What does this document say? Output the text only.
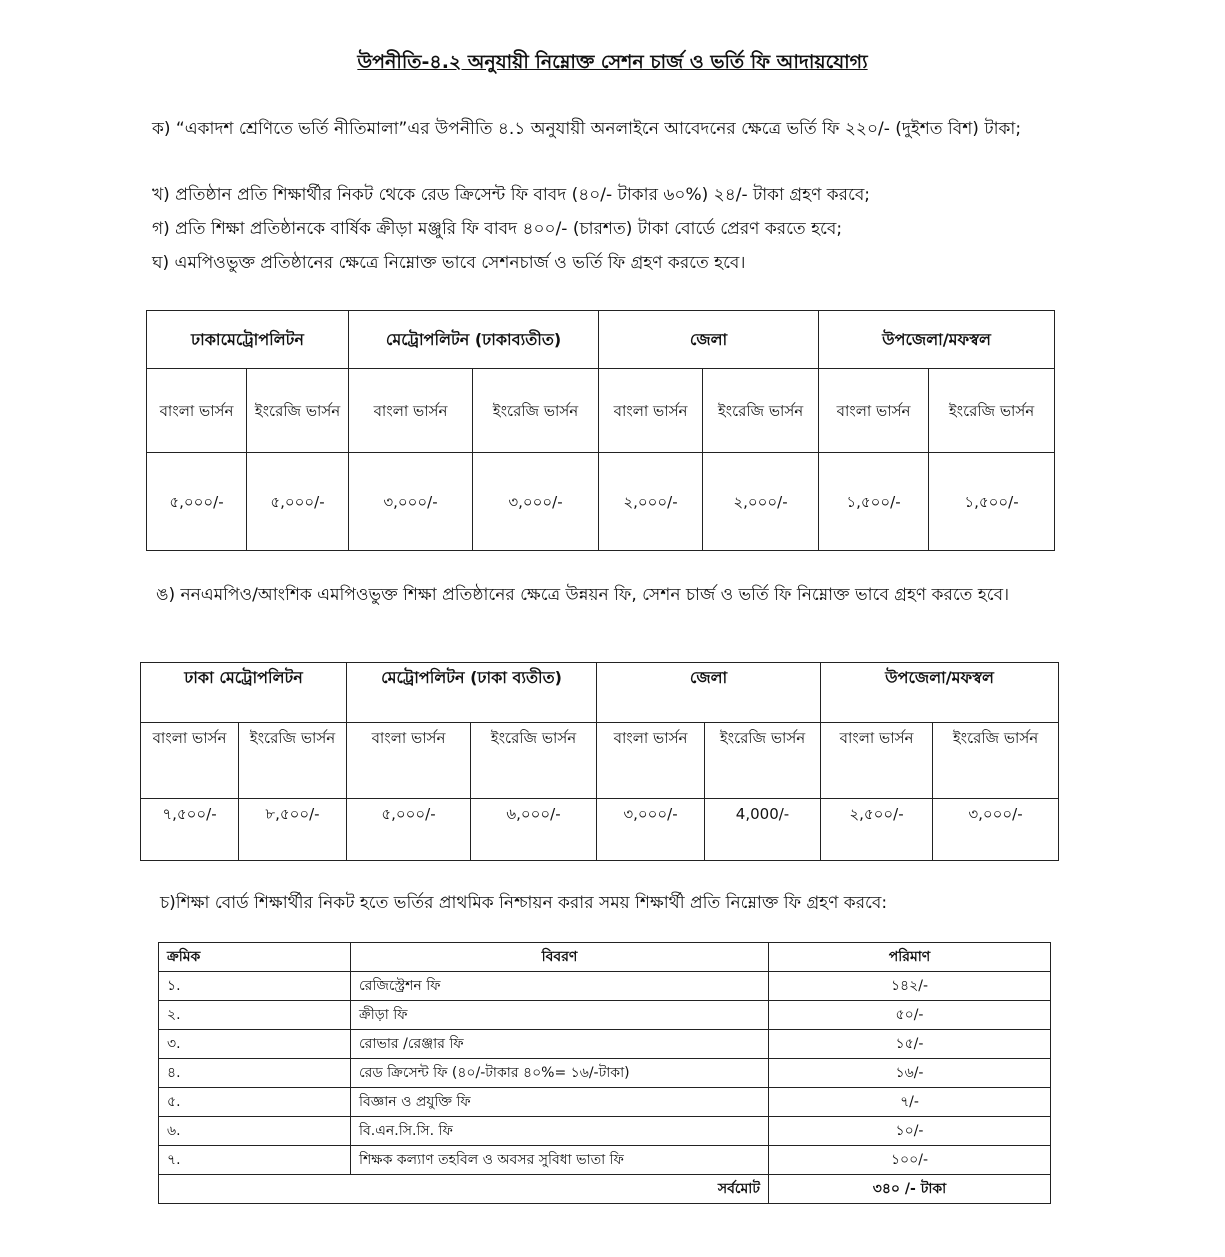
উপনীতি-৪.২ অনুযায়ী নিম্নোক্ত সেশন চার্জ ও ভর্তি ফি আদায়যোগ্য
ক) “একাদশ শ্রেণিতে ভর্তি নীতিমালা”এর উপনীতি ৪.১ অনুযায়ী অনলাইনে আবেদনের ক্ষেত্রে ভর্তি ফি ২২০/- (দুইশত বিশ) টাকা;
খ) প্রতিষ্ঠান প্রতি শিক্ষার্থীর নিকট থেকে রেড ক্রিসেন্ট ফি বাবদ (৪০/- টাকার ৬০%) ২৪/- টাকা গ্রহণ করবে;
গ) প্রতি শিক্ষা প্রতিষ্ঠানকে বার্ষিক ক্রীড়া মঞ্জুরি ফি বাবদ ৪০০/- (চারশত) টাকা বোর্ডে প্রেরণ করতে হবে;
ঘ) এমপিওভুক্ত প্রতিষ্ঠানের ক্ষেত্রে নিম্নোক্ত ভাবে সেশনচার্জ ও ভর্তি ফি গ্রহণ করতে হবে।
ঢাকামেট্রোপলিটন		মেট্রোপলিটন (ঢাকাব্যতীত)		জেলা		উপজেলা/মফস্বল	
বাংলা ভার্সন	ইংরেজি ভার্সন	বাংলা ভার্সন	ইংরেজি ভার্সন	বাংলা ভার্সন	ইংরেজি ভার্সন	বাংলা ভার্সন	ইংরেজি ভার্সন
৫,০০০/-	৫,০০০/-	৩,০০০/-	৩,০০০/-	২,০০০/-	২,০০০/-	১,৫০০/-	১,৫০০/-
ঙ) ননএমপিও/আংশিক এমপিওভুক্ত শিক্ষা প্রতিষ্ঠানের ক্ষেত্রে উন্নয়ন ফি, সেশন চার্জ ও ভর্তি ফি নিম্নোক্ত ভাবে গ্রহণ করতে হবে।
ঢাকা মেট্রোপলিটন		মেট্রোপলিটন (ঢাকা ব্যতীত)		জেলা		উপজেলা/মফস্বল	
বাংলা ভার্সন	ইংরেজি ভার্সন	বাংলা ভার্সন	ইংরেজি ভার্সন	বাংলা ভার্সন	ইংরেজি ভার্সন	বাংলা ভার্সন	ইংরেজি ভার্সন
৭,৫০০/-	৮,৫০০/-	৫,০০০/-	৬,০০০/-	৩,০০০/-	4,000/-	২,৫০০/-	৩,০০০/-
চ)শিক্ষা বোর্ড শিক্ষার্থীর নিকট হতে ভর্তির প্রাথমিক নিশ্চায়ন করার সময় শিক্ষার্থী প্রতি নিম্নোক্ত ফি গ্রহণ করবে:
ক্রমিক	বিবরণ	পরিমাণ
১.	রেজিস্ট্রেশন ফি	১৪২/-
২.	ক্রীড়া ফি	৫০/-
৩.	রোভার /রেঞ্জার ফি	১৫/-
৪.	রেড ক্রিসেন্ট ফি (৪০/-টাকার ৪০%= ১৬/-টাকা)	১৬/-
৫.	বিজ্ঞান ও প্রযুক্তি ফি	৭/-
৬.	বি.এন.সি.সি. ফি	১০/-
৭.	শিক্ষক কল্যাণ তহবিল ও অবসর সুবিধা ভাতা ফি	১০০/-
সর্বমোট		৩৪০ /- টাকা
